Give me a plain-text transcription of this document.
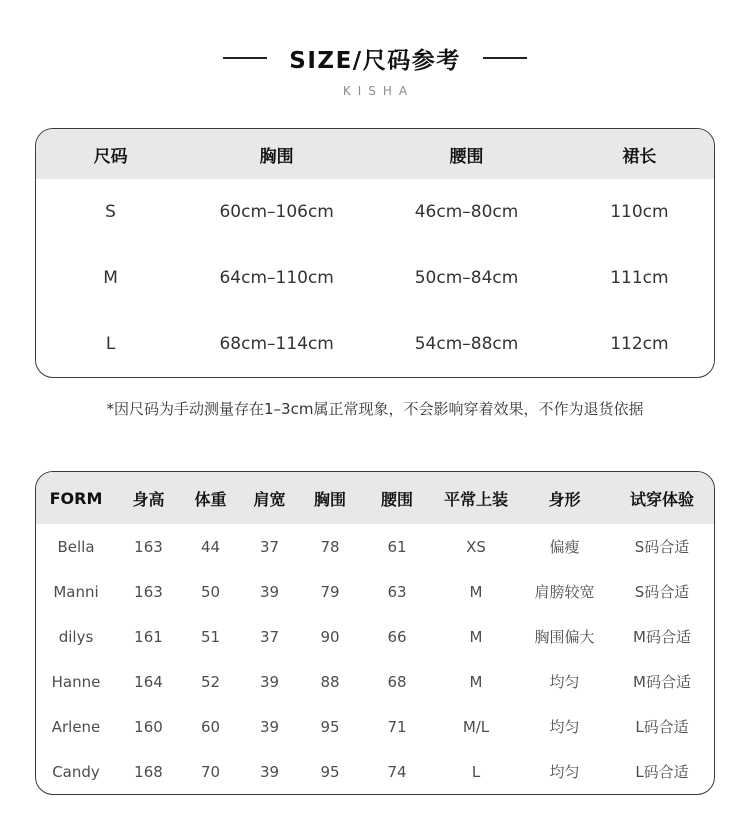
SIZE/尺码参考
KISHA
尺码	胸围	腰围	裙长
S	60cm–106cm	46cm–80cm	110cm
M	64cm–110cm	50cm–84cm	111cm
L	68cm–114cm	54cm–88cm	112cm
*因尺码为手动测量存在1–3cm属正常现象，不会影响穿着效果，不作为退货依据
FORM	身高	体重	肩宽	胸围	腰围	平常上装	身形	试穿体验
Bella	163	44	37	78	61	XS	偏瘦	S码合适
Manni	163	50	39	79	63	M	肩膀较宽	S码合适
dilys	161	51	37	90	66	M	胸围偏大	M码合适
Hanne	164	52	39	88	68	M	均匀	M码合适
Arlene	160	60	39	95	71	M/L	均匀	L码合适
Candy	168	70	39	95	74	L	均匀	L码合适
